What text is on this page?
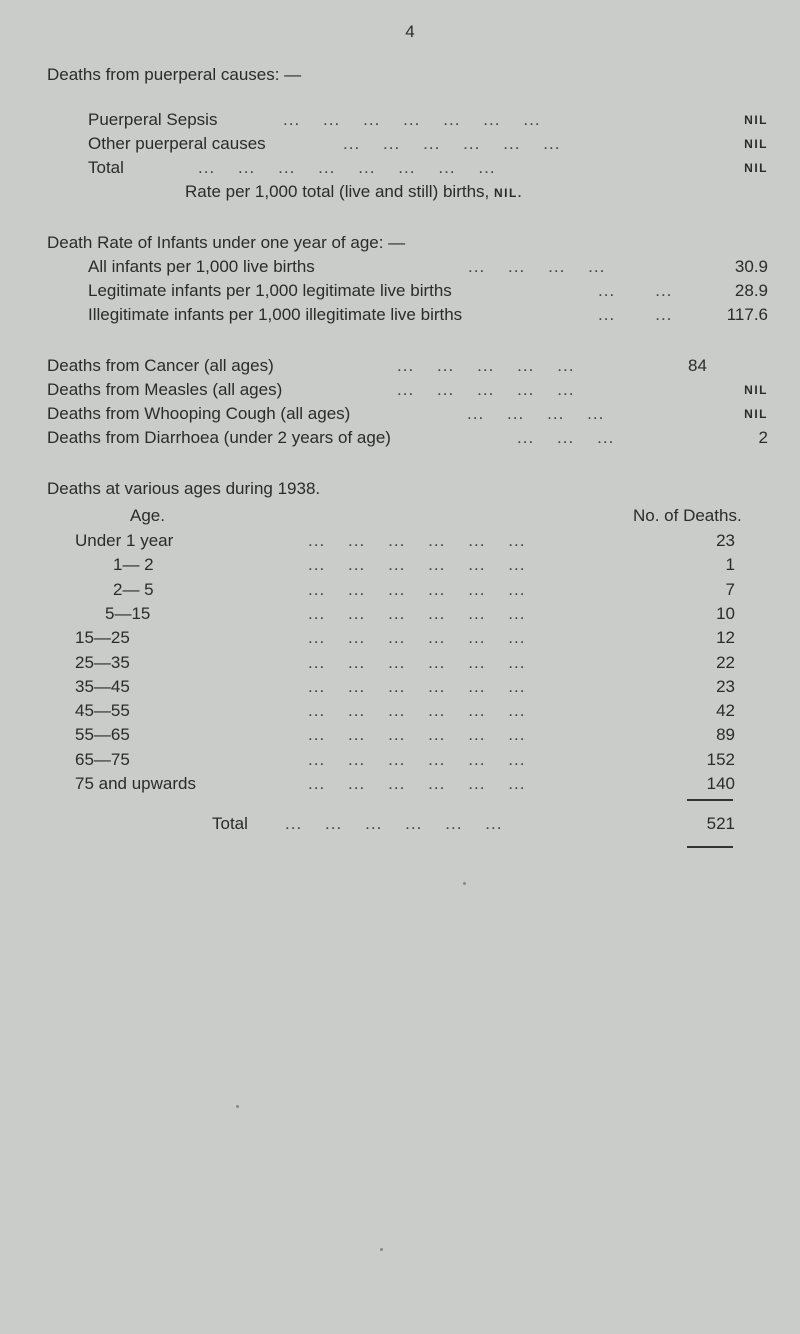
4
Deaths from puerperal causes: —
Puerperal Sepsis	...    ...    ...    ...    ...    ...    ...	NIL
Other puerperal causes	...    ...    ...    ...    ...    ...	NIL
Total	...    ...    ...    ...    ...    ...    ...    ...	NIL
Rate per 1,000 total (live and still) births, NIL.
Death Rate of Infants under one year of age: —
All infants per 1,000 live births	...    ...    ...    ...	30.9
Legitimate infants per 1,000 legitimate live births	...       ...	28.9
Illegitimate infants per 1,000 illegitimate live births	...       ...	117.6
Deaths from Cancer (all ages)	...    ...    ...    ...    ...	84
Deaths from Measles (all ages)	...    ...    ...    ...    ...	NIL
Deaths from Whooping Cough (all ages)	...    ...    ...    ...	NIL
Deaths from Diarrhoea (under 2 years of age)	...    ...    ...	2
Deaths at various ages during 1938.
Age.	No. of Deaths.
Under 1 year	...    ...    ...    ...    ...    ...	23
1— 2	...    ...    ...    ...    ...    ...	1
2— 5	...    ...    ...    ...    ...    ...	7
5—15	...    ...    ...    ...    ...    ...	10
15—25	...    ...    ...    ...    ...    ...	12
25—35	...    ...    ...    ...    ...    ...	22
35—45	...    ...    ...    ...    ...    ...	23
45—55	...    ...    ...    ...    ...    ...	42
55—65	...    ...    ...    ...    ...    ...	89
65—75	...    ...    ...    ...    ...    ...	152
75 and upwards	...    ...    ...    ...    ...    ...	140
Total ...    ...    ...    ...    ...    ...	521
